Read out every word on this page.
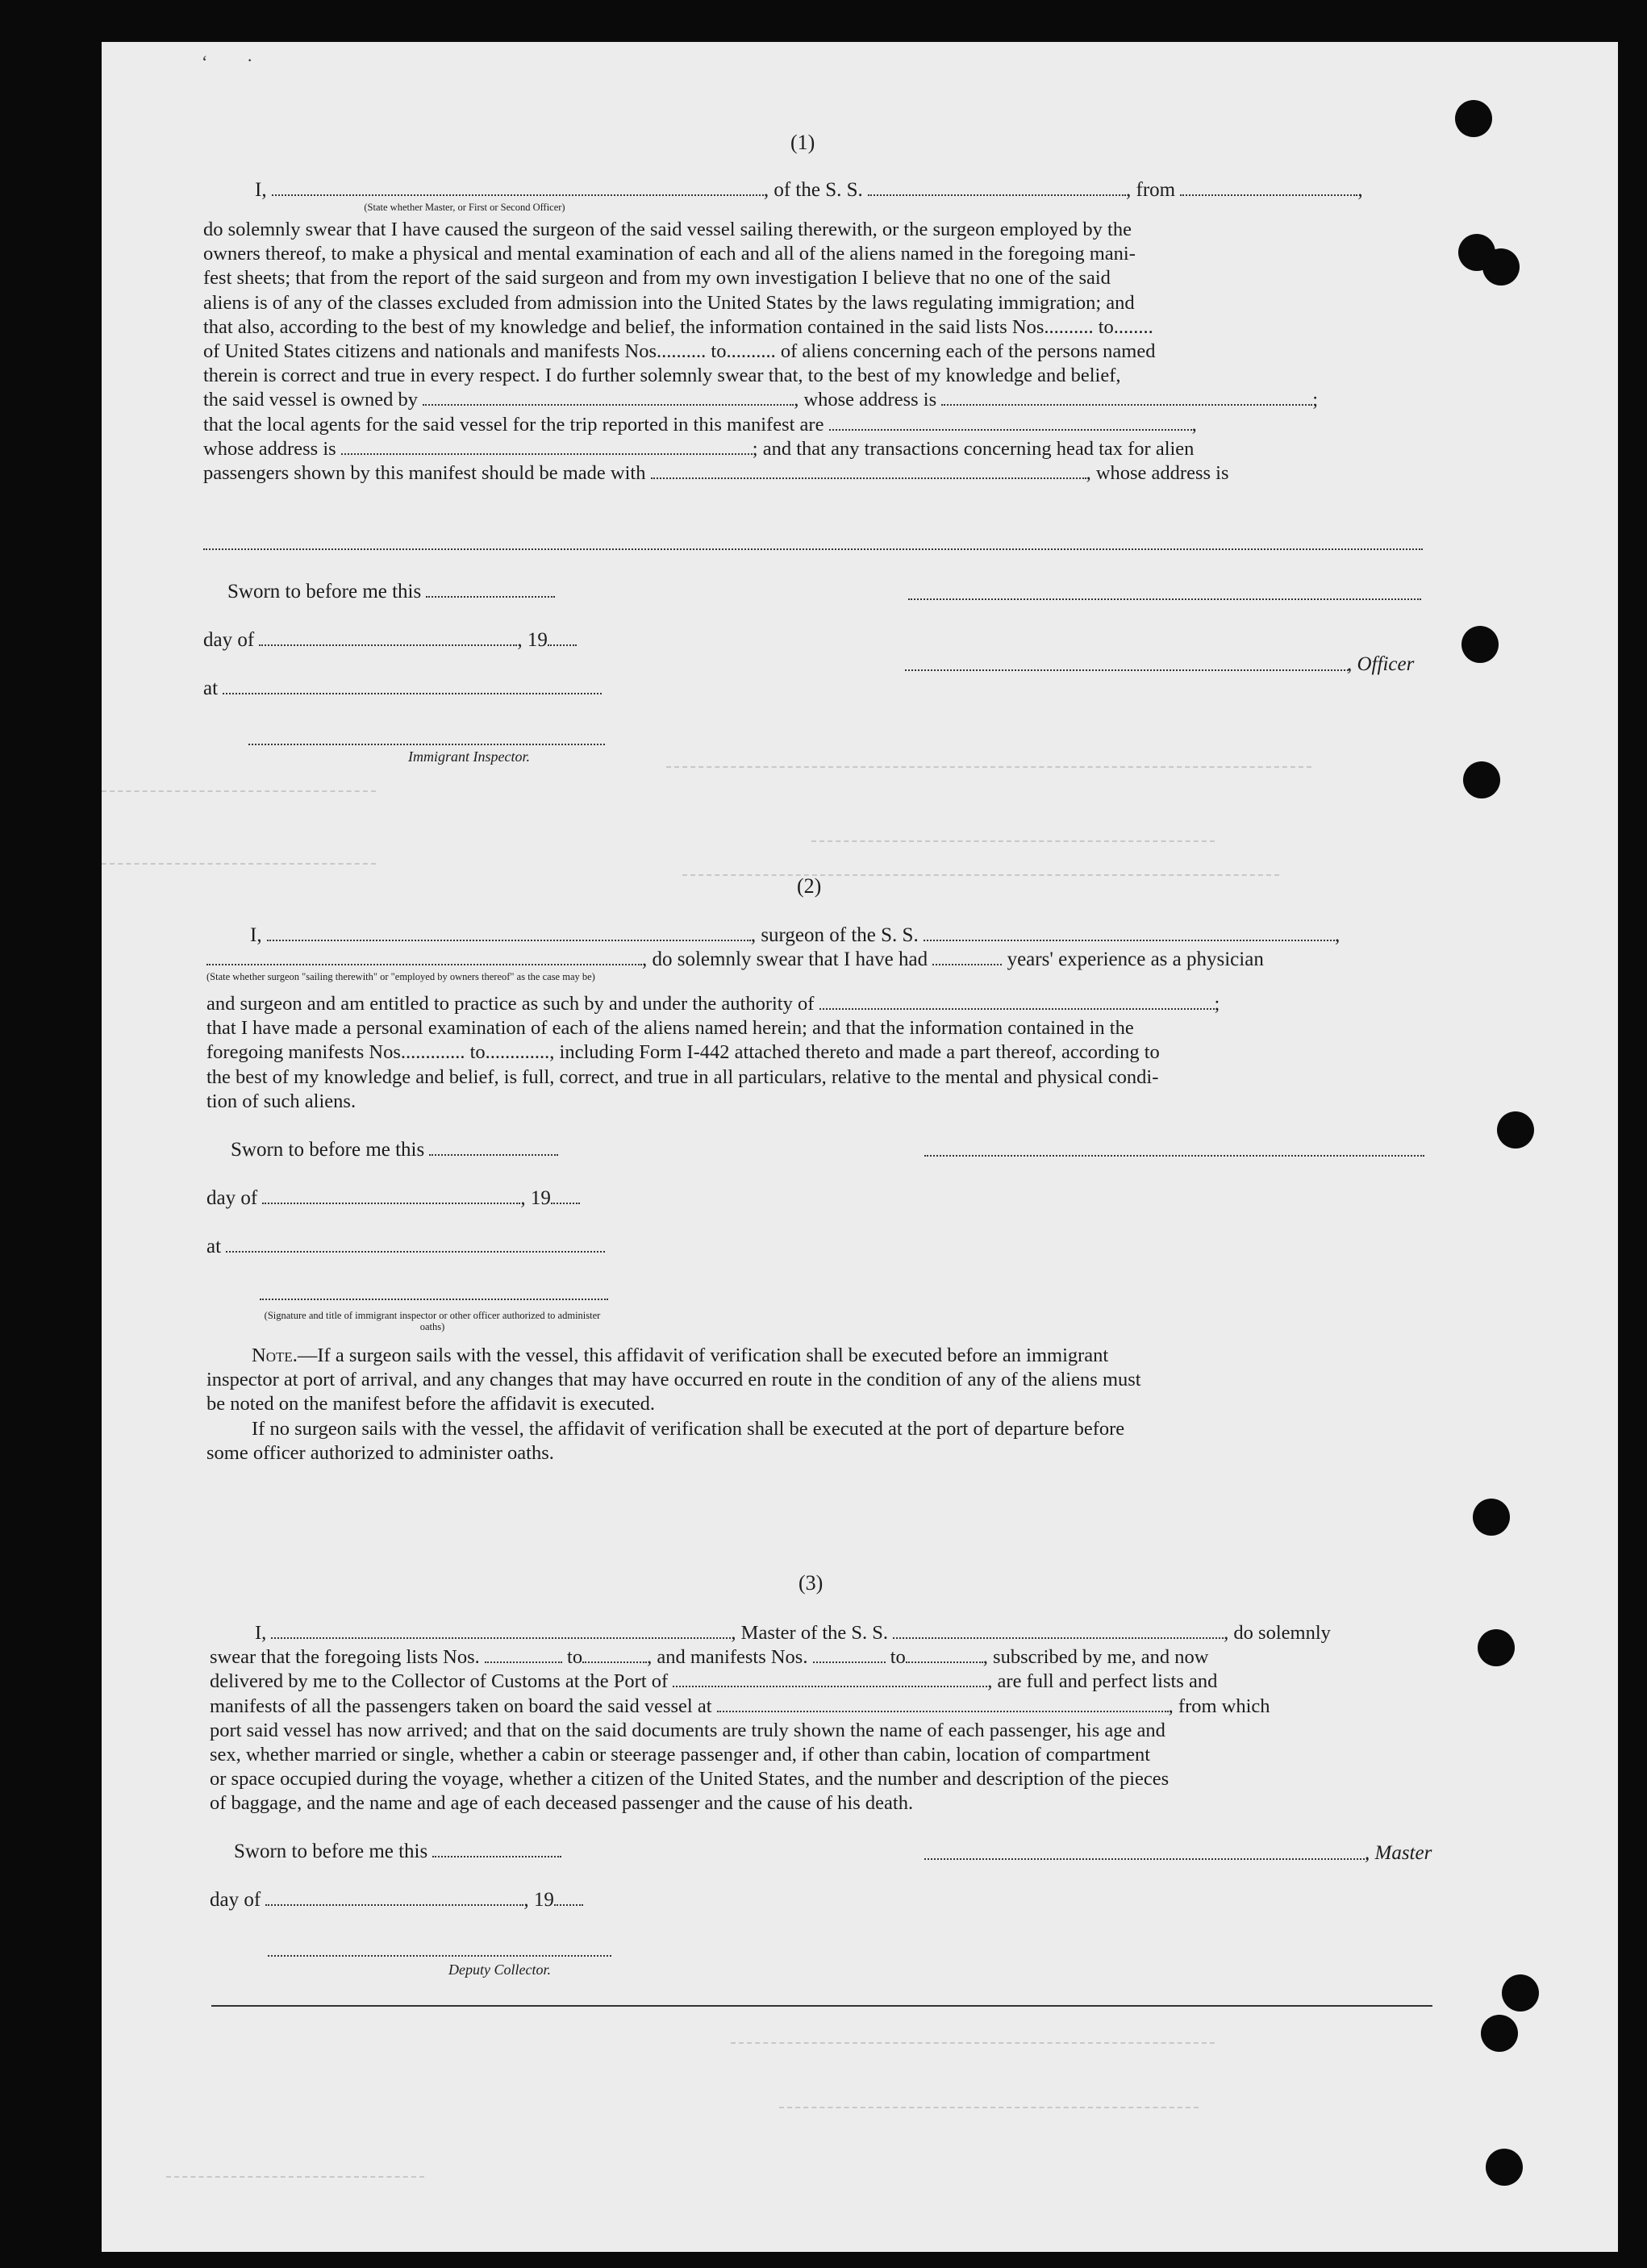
(1)
I,	, of the S. S.	, from	,
(State whether Master, or First or Second Officer)
do solemnly swear that I have caused the surgeon of the said vessel sailing therewith, or the surgeon employed by the
owners thereof, to make a physical and mental examination of each and all of the aliens named in the foregoing mani-
fest sheets; that from the report of the said surgeon and from my own investigation I believe that no one of the said
aliens is of any of the classes excluded from admission into the United States by the laws regulating immigration; and
that also, according to the best of my knowledge and belief, the information contained in the said lists Nos.......... to........
of United States citizens and nationals and manifests Nos.......... to.......... of aliens concerning each of the persons named
therein is correct and true in every respect. I do further solemnly swear that, to the best of my knowledge and belief,
the said vessel is owned by	, whose address is	;
that the local agents for the said vessel for the trip reported in this manifest are	,
whose address is	; and that any transactions concerning head tax for alien
passengers shown by this manifest should be made with	, whose address is
Sworn to before me this
day of	, 19
at
, Officer
Immigrant Inspector.
(2)
I,	, surgeon of the S. S.	,
, do solemnly swear that I have had	years' experience as a physician
(State whether surgeon "sailing therewith" or "employed by owners thereof" as the case may be)
and surgeon and am entitled to practice as such by and under the authority of	;
that I have made a personal examination of each of the aliens named herein; and that the information contained in the
foregoing manifests Nos............. to............., including Form I-442 attached thereto and made a part thereof, according to
the best of my knowledge and belief, is full, correct, and true in all particulars, relative to the mental and physical condi-
tion of such aliens.
Sworn to before me this
day of	, 19
at
(Signature and title of immigrant inspector or other officer authorized to administer oaths)
Note.—If a surgeon sails with the vessel, this affidavit of verification shall be executed before an immigrant
inspector at port of arrival, and any changes that may have occurred en route in the condition of any of the aliens must
be noted on the manifest before the affidavit is executed.
If no surgeon sails with the vessel, the affidavit of verification shall be executed at the port of departure before
some officer authorized to administer oaths.
(3)
I,	, Master of the S. S.	, do solemnly
swear that the foregoing lists Nos.	to	, and manifests Nos.	to	, subscribed by me, and now
delivered by me to the Collector of Customs at the Port of	, are full and perfect lists and
manifests of all the passengers taken on board the said vessel at	, from which
port said vessel has now arrived; and that on the said documents are truly shown the name of each passenger, his age and
sex, whether married or single, whether a cabin or steerage passenger and, if other than cabin, location of compartment
or space occupied during the voyage, whether a citizen of the United States, and the number and description of the pieces
of baggage, and the name and age of each deceased passenger and the cause of his death.
Sworn to before me this	, Master
day of	, 19
Deputy Collector.
‘ ·
